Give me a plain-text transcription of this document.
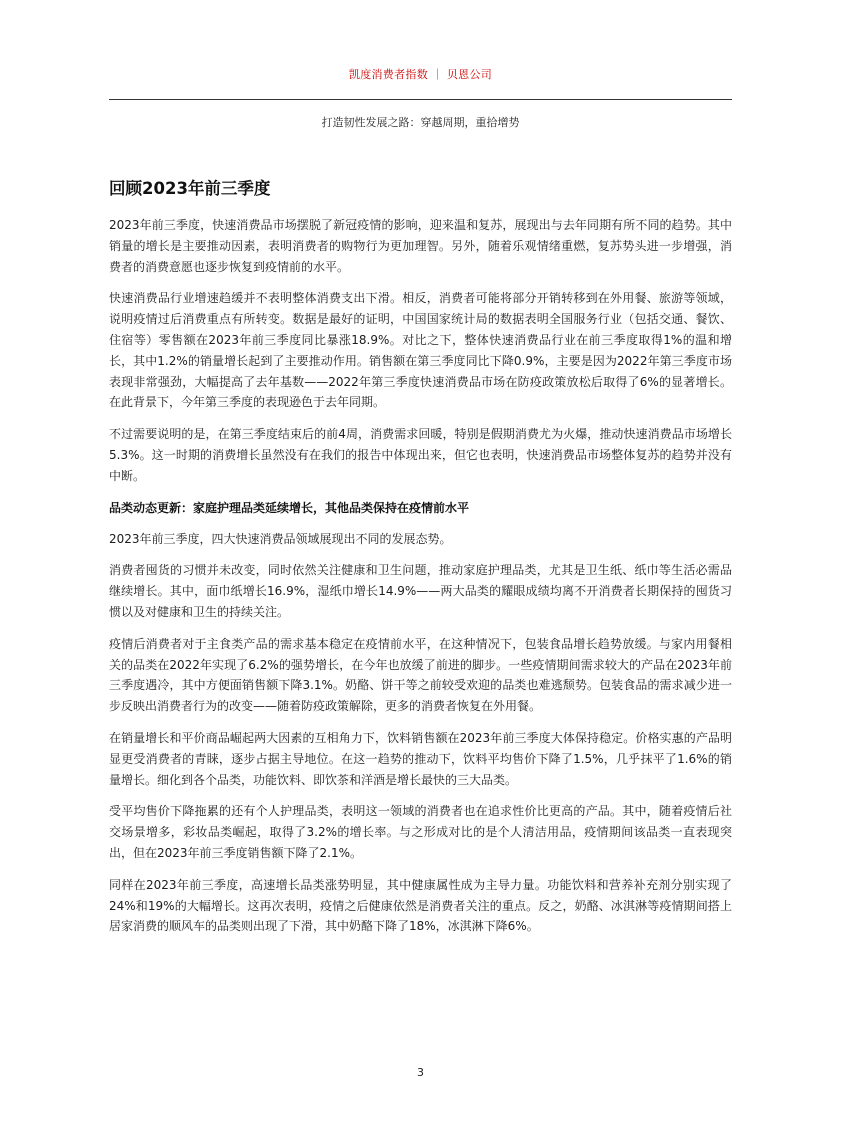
凯度消费者指数 ｜ 贝恩公司
打造韧性发展之路：穿越周期，重拾增势
回顾2023年前三季度

2023年前三季度，快速消费品市场摆脱了新冠疫情的影响，迎来温和复苏，展现出与去年同期有所不同的趋势。其中销量的增长是主要推动因素，表明消费者的购物行为更加理智。另外，随着乐观情绪重燃，复苏势头进一步增强，消费者的消费意愿也逐步恢复到疫情前的水平。

快速消费品行业增速趋缓并不表明整体消费支出下滑。相反，消费者可能将部分开销转移到在外用餐、旅游等领域，说明疫情过后消费重点有所转变。数据是最好的证明，中国国家统计局的数据表明全国服务行业（包括交通、餐饮、住宿等）零售额在2023年前三季度同比暴涨18.9%。对比之下，整体快速消费品行业在前三季度取得1%的温和增长，其中1.2%的销量增长起到了主要推动作用。销售额在第三季度同比下降0.9%，主要是因为2022年第三季度市场表现非常强劲，大幅提高了去年基数——2022年第三季度快速消费品市场在防疫政策放松后取得了6%的显著增长。在此背景下，今年第三季度的表现逊色于去年同期。

不过需要说明的是，在第三季度结束后的前4周，消费需求回暖，特别是假期消费尤为火爆，推动快速消费品市场增长5.3%。这一时期的消费增长虽然没有在我们的报告中体现出来，但它也表明，快速消费品市场整体复苏的趋势并没有中断。

品类动态更新：家庭护理品类延续增长，其他品类保持在疫情前水平

2023年前三季度，四大快速消费品领域展现出不同的发展态势。

消费者囤货的习惯并未改变，同时依然关注健康和卫生问题，推动家庭护理品类，尤其是卫生纸、纸巾等生活必需品继续增长。其中，面巾纸增长16.9%，湿纸巾增长14.9%——两大品类的耀眼成绩均离不开消费者长期保持的囤货习惯以及对健康和卫生的持续关注。

疫情后消费者对于主食类产品的需求基本稳定在疫情前水平，在这种情况下，包装食品增长趋势放缓。与家内用餐相关的品类在2022年实现了6.2%的强势增长，在今年也放缓了前进的脚步。一些疫情期间需求较大的产品在2023年前三季度遇冷，其中方便面销售额下降3.1%。奶酪、饼干等之前较受欢迎的品类也难逃颓势。包装食品的需求减少进一步反映出消费者行为的改变——随着防疫政策解除，更多的消费者恢复在外用餐。

在销量增长和平价商品崛起两大因素的互相角力下，饮料销售额在2023年前三季度大体保持稳定。价格实惠的产品明显更受消费者的青睐，逐步占据主导地位。在这一趋势的推动下，饮料平均售价下降了1.5%，几乎抹平了1.6%的销量增长。细化到各个品类，功能饮料、即饮茶和洋酒是增长最快的三大品类。

受平均售价下降拖累的还有个人护理品类，表明这一领域的消费者也在追求性价比更高的产品。其中，随着疫情后社交场景增多，彩妆品类崛起，取得了3.2%的增长率。与之形成对比的是个人清洁用品，疫情期间该品类一直表现突出，但在2023年前三季度销售额下降了2.1%。

同样在2023年前三季度，高速增长品类涨势明显，其中健康属性成为主导力量。功能饮料和营养补充剂分别实现了24%和19%的大幅增长。这再次表明，疫情之后健康依然是消费者关注的重点。反之，奶酪、冰淇淋等疫情期间搭上居家消费的顺风车的品类则出现了下滑，其中奶酪下降了18%，冰淇淋下降6%。

3
